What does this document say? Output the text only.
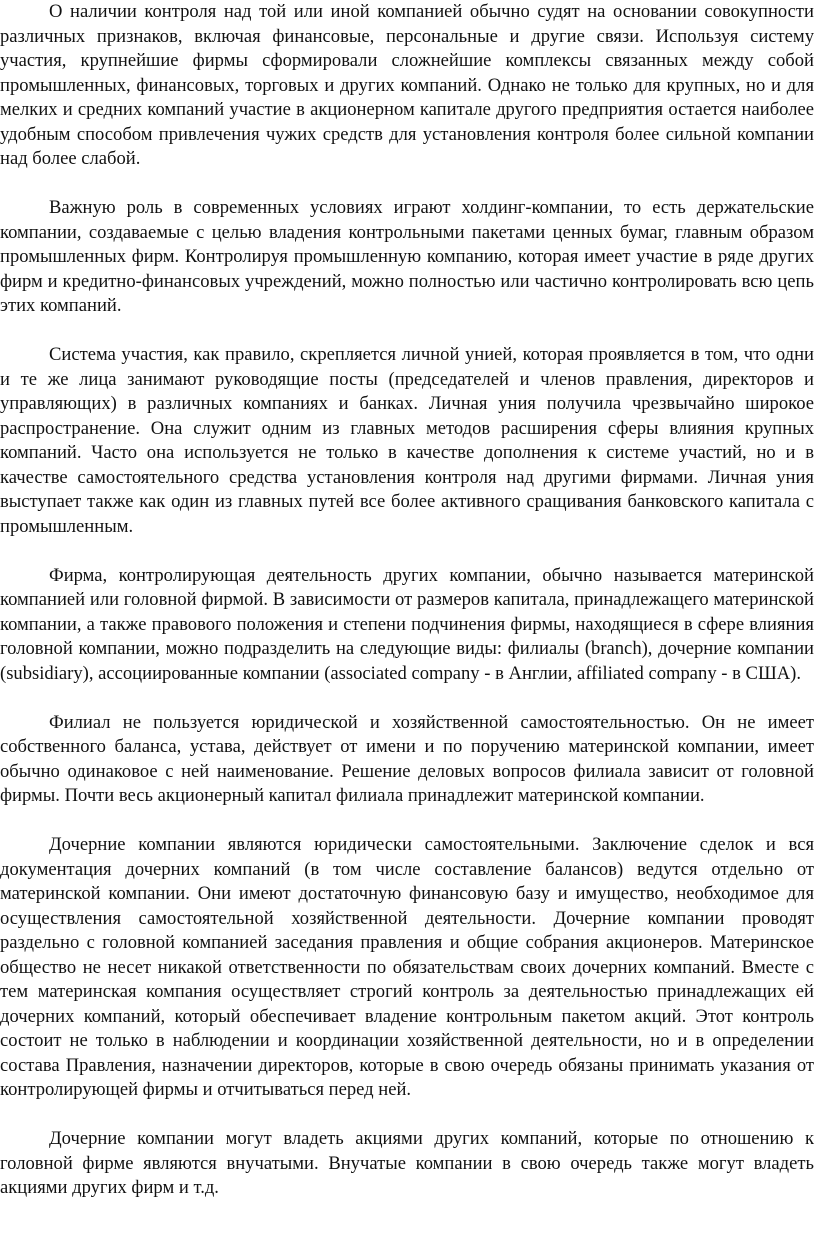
О наличии контроля над той или иной компанией обычно судят на основании совокупности различных признаков, включая финансовые, персональные и другие связи. Используя систему участия, крупнейшие фирмы сформировали сложнейшие комплексы связанных между собой промышленных, финансовых, торговых и других компаний. Однако не только для крупных, но и для мелких и средних компаний участие в акционерном капитале другого предприятия остается наиболее удобным способом привлечения чужих средств для установления контроля более сильной компании над более слабой.

Важную роль в современных условиях играют холдинг-компании, то есть держательские компании, создаваемые с целью владения контрольными пакетами ценных бумаг, главным образом промышленных фирм. Контролируя промышленную компанию, которая имеет участие в ряде других фирм и кредитно-финансовых учреждений, можно полностью или частично контролировать всю цепь этих компаний.

Система участия, как правило, скрепляется личной унией, которая проявляется в том, что одни и те же лица занимают руководящие посты (председателей и членов правления, директоров и управляющих) в различных компаниях и банках. Личная уния получила чрезвычайно широкое распространение. Она служит одним из главных методов расширения сферы влияния крупных компаний. Часто она используется не только в качестве дополнения к системе участий, но и в качестве самостоятельного средства установления контроля над другими фирмами. Личная уния выступает также как один из главных путей все более активного сращивания банковского капитала с промышленным.

Фирма, контролирующая деятельность других компании, обычно называется материнской компанией или головной фирмой. В зависимости от размеров капитала, принадлежащего материнской компании, а также правового положения и степени подчинения фирмы, находящиеся в сфере влияния головной компании, можно подразделить на следующие виды: филиалы (branch), дочерние компании (subsidiary), ассоциированные компании (associated company - в Англии, affiliated company - в США).

Филиал не пользуется юридической и хозяйственной самостоятельностью. Он не имеет собственного баланса, устава, действует от имени и по поручению материнской компании, имеет обычно одинаковое с ней наименование. Решение деловых вопросов филиала зависит от головной фирмы. Почти весь акционерный капитал филиала принадлежит материнской компании.

Дочерние компании являются юридически самостоятельными. Заключение сделок и вся документация дочерних компаний (в том числе составление балансов) ведутся отдельно от материнской компании. Они имеют достаточную финансовую базу и имущество, необходимое для осуществления самостоятельной хозяйственной деятельности. Дочерние компании проводят раздельно с головной компанией заседания правления и общие собрания акционеров. Материнское общество не несет никакой ответственности по обязательствам своих дочерних компаний. Вместе с тем материнская компания осуществляет строгий контроль за деятельностью принадлежащих ей дочерних компаний, который обеспечивает владение контрольным пакетом акций. Этот контроль состоит не только в наблюдении и координации хозяйственной деятельности, но и в определении состава Правления, назначении директоров, которые в свою очередь обязаны принимать указания от контролирующей фирмы и отчитываться перед ней.

Дочерние компании могут владеть акциями других компаний, которые по отношению к головной фирме являются внучатыми. Внучатые компании в свою очередь также могут владеть акциями других фирм и т.д.
